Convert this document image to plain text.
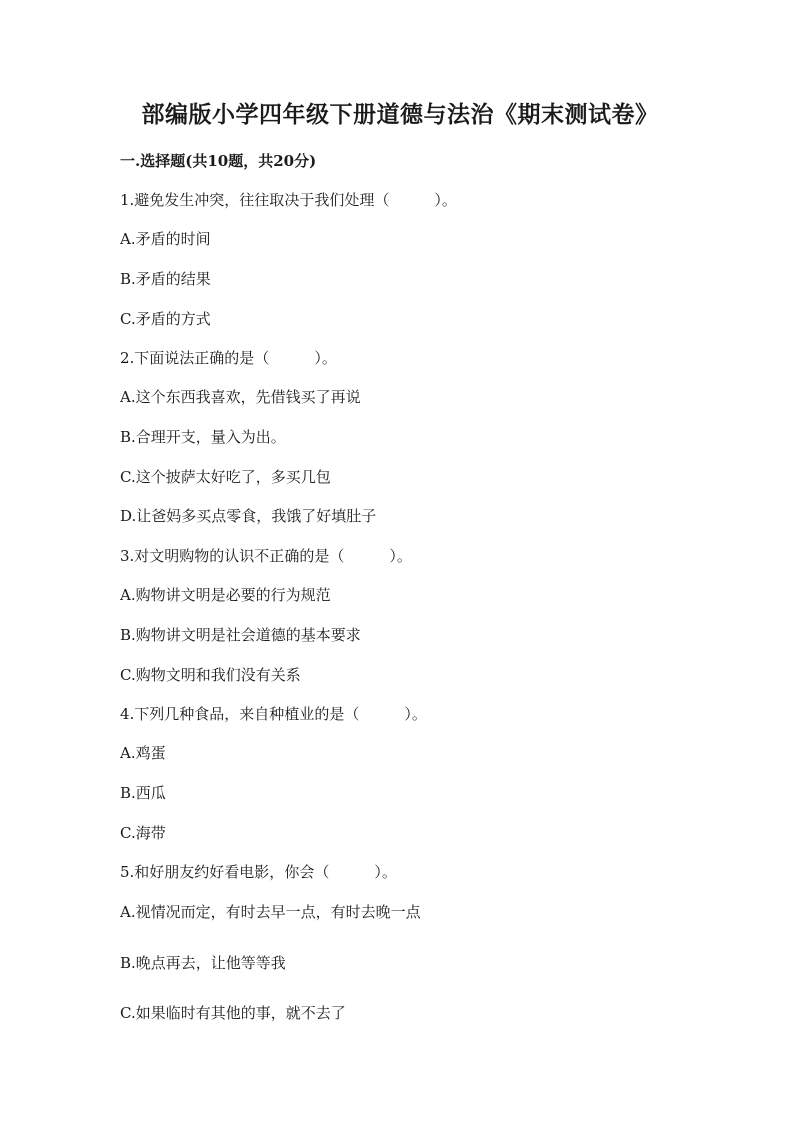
部编版小学四年级下册道德与法治《期末测试卷》
一.选择题(共10题，共20分)
1.避免发生冲突，往往取决于我们处理（　　　）。
A.矛盾的时间
B.矛盾的结果
C.矛盾的方式
2.下面说法正确的是（　　　）。
A.这个东西我喜欢，先借钱买了再说
B.合理开支，量入为出。
C.这个披萨太好吃了，多买几包
D.让爸妈多买点零食，我饿了好填肚子
3.对文明购物的认识不正确的是（　　　）。
A.购物讲文明是必要的行为规范
B.购物讲文明是社会道德的基本要求
C.购物文明和我们没有关系
4.下列几种食品，来自种植业的是（　　　）。
A.鸡蛋
B.西瓜
C.海带
5.和好朋友约好看电影，你会（　　　）。
A.视情况而定，有时去早一点，有时去晚一点
B.晚点再去，让他等等我
C.如果临时有其他的事，就不去了
